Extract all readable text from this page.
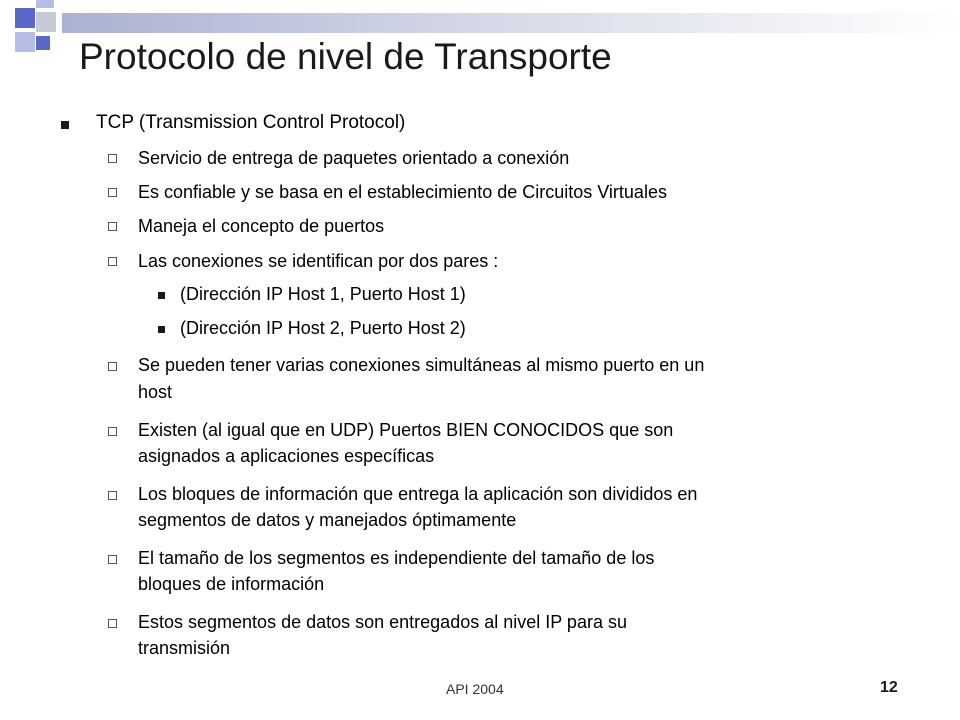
Protocolo de nivel de Transporte
TCP (Transmission Control Protocol)
Servicio de entrega de paquetes orientado a conexión
Es confiable y se basa en el establecimiento de Circuitos Virtuales
Maneja el concepto de puertos
Las conexiones se identifican por dos pares :
(Dirección IP Host 1, Puerto Host 1)
(Dirección IP Host 2, Puerto Host 2)
Se pueden tener varias conexiones simultáneas al mismo puerto en un
host
Existen (al igual que en UDP) Puertos BIEN CONOCIDOS que son
asignados a aplicaciones específicas
Los bloques de información que entrega la aplicación son divididos en
segmentos de datos y manejados óptimamente
El tamaño de los segmentos es independiente del tamaño de los
bloques de información
Estos segmentos de datos son entregados al nivel IP para su
transmisión
API 2004	12
